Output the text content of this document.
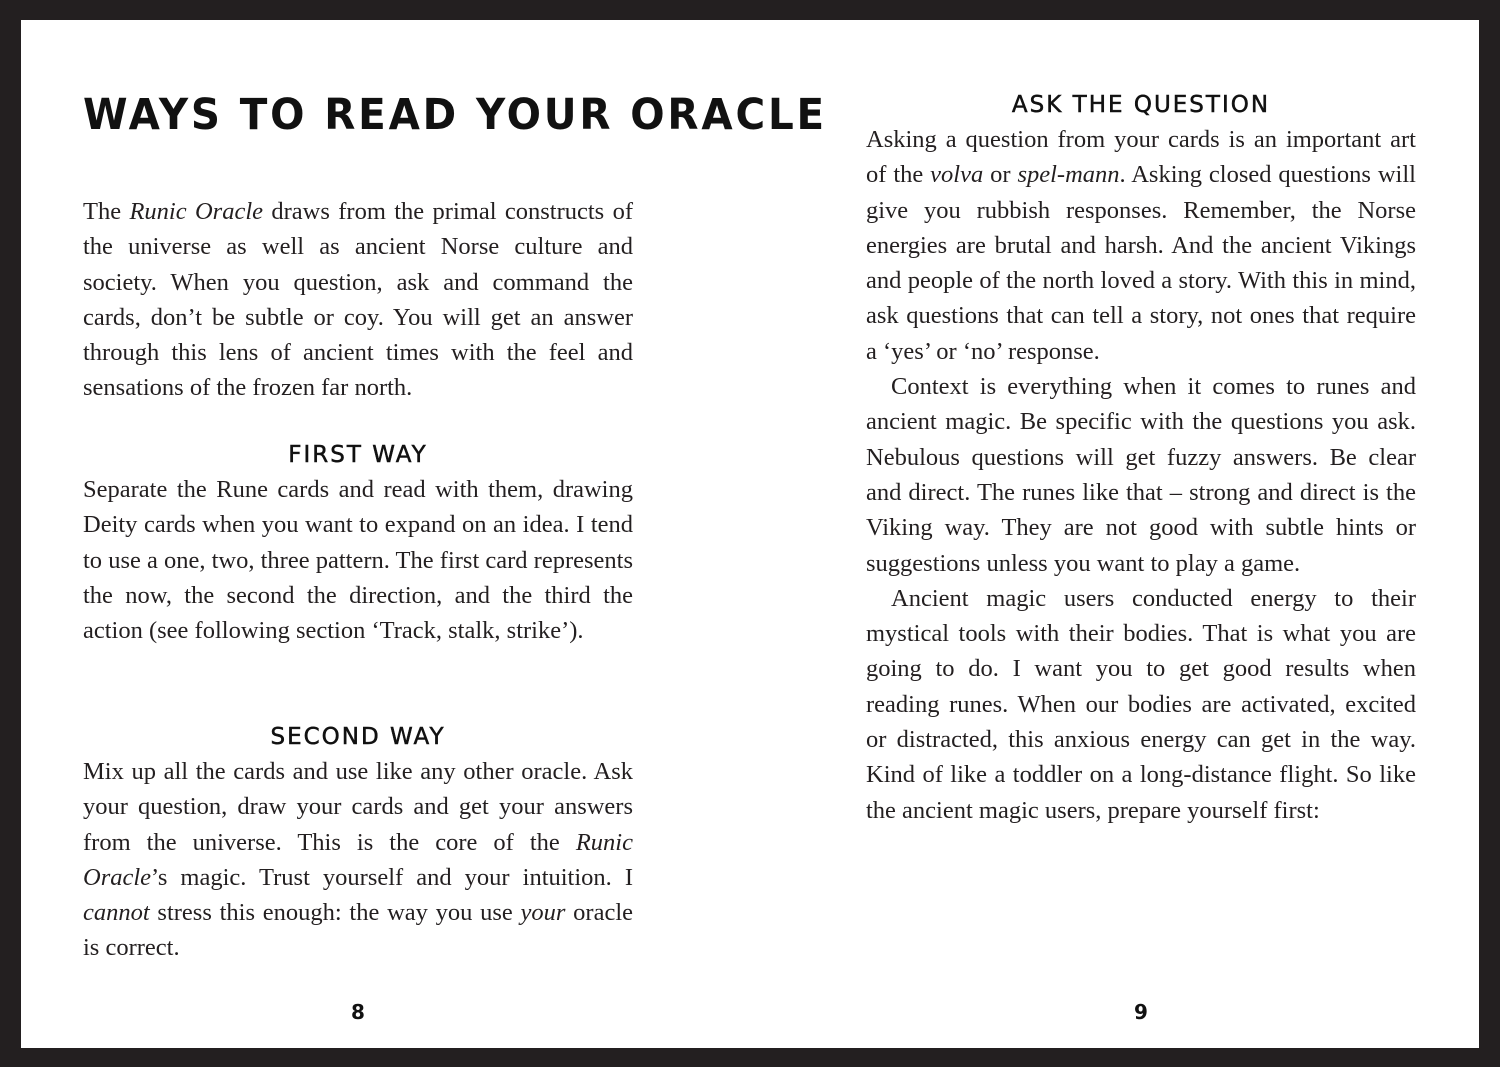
WAYS TO READ YOUR ORACLE

The Runic Oracle draws from the primal constructs of the universe as well as ancient Norse culture and society. When you question, ask and command the cards, don’t be subtle or coy. You will get an answer through this lens of ancient times with the feel and sensations of the frozen far north.

FIRST WAY

Separate the Rune cards and read with them, drawing Deity cards when you want to expand on an idea. I tend to use a one, two, three pattern. The first card represents the now, the second the direction, and the third the action (see following section ‘Track, stalk, strike’).

SECOND WAY

Mix up all the cards and use like any other oracle. Ask your question, draw your cards and get your answers from the universe. This is the core of the Runic Oracle’s magic. Trust yourself and your intuition. I cannot stress this enough: the way you use your oracle is correct.

8

ASK THE QUESTION

Asking a question from your cards is an important art of the volva or spel-mann. Asking closed questions will give you rubbish responses. Remember, the Norse energies are brutal and harsh. And the ancient Vikings and people of the north loved a story. With this in mind, ask questions that can tell a story, not ones that require a ‘yes’ or ‘no’ response.

Context is everything when it comes to runes and ancient magic. Be specific with the questions you ask. Nebulous questions will get fuzzy answers. Be clear and direct. The runes like that – strong and direct is the Viking way. They are not good with subtle hints or suggestions unless you want to play a game.

Ancient magic users conducted energy to their mystical tools with their bodies. That is what you are going to do. I want you to get good results when reading runes. When our bodies are activated, excited or distracted, this anxious energy can get in the way. Kind of like a toddler on a long-distance flight. So like the ancient magic users, prepare yourself first:

9
